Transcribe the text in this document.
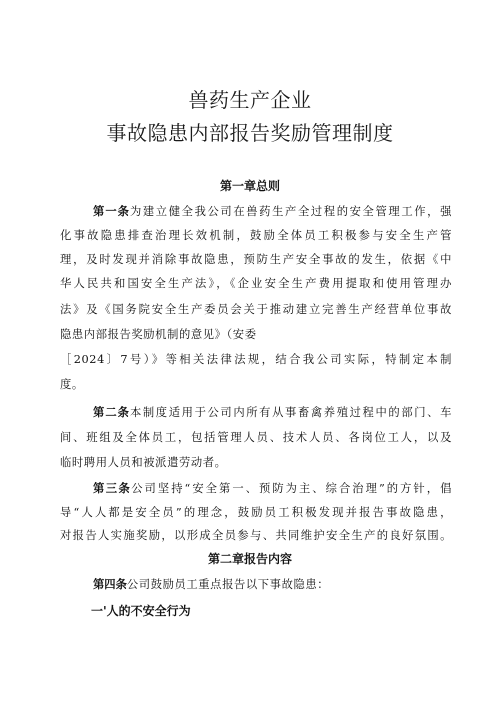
兽药生产企业
事故隐患内部报告奖励管理制度
第一章总则
第一条为建立健全我公司在兽药生产全过程的安全管理工作，强
化事故隐患排查治理长效机制，鼓励全体员工积极参与安全生产管
理，及时发现并消除事故隐患，预防生产安全事故的发生，依据《中
华人民共和国安全生产法》，《企业安全生产费用提取和使用管理办
法》及《国务院安全生产委员会关于推动建立完善生产经营单位事故
隐患内部报告奖励机制的意见》（安委
［2024〕7号）》等相关法律法规，结合我公司实际，特制定本制
度。
第二条本制度适用于公司内所有从事畜禽养殖过程中的部门、车
间、班组及全体员工，包括管理人员、技术人员、各岗位工人，以及
临时聘用人员和被派遣劳动者。
第三条公司坚持“安全第一、预防为主、综合治理”的方针，倡
导“人人都是安全员”的理念，鼓励员工积极发现并报告事故隐患，
对报告人实施奖励，以形成全员参与、共同维护安全生产的良好氛围。
第二章报告内容
第四条公司鼓励员工重点报告以下事故隐患：
一'人的不安全行为
